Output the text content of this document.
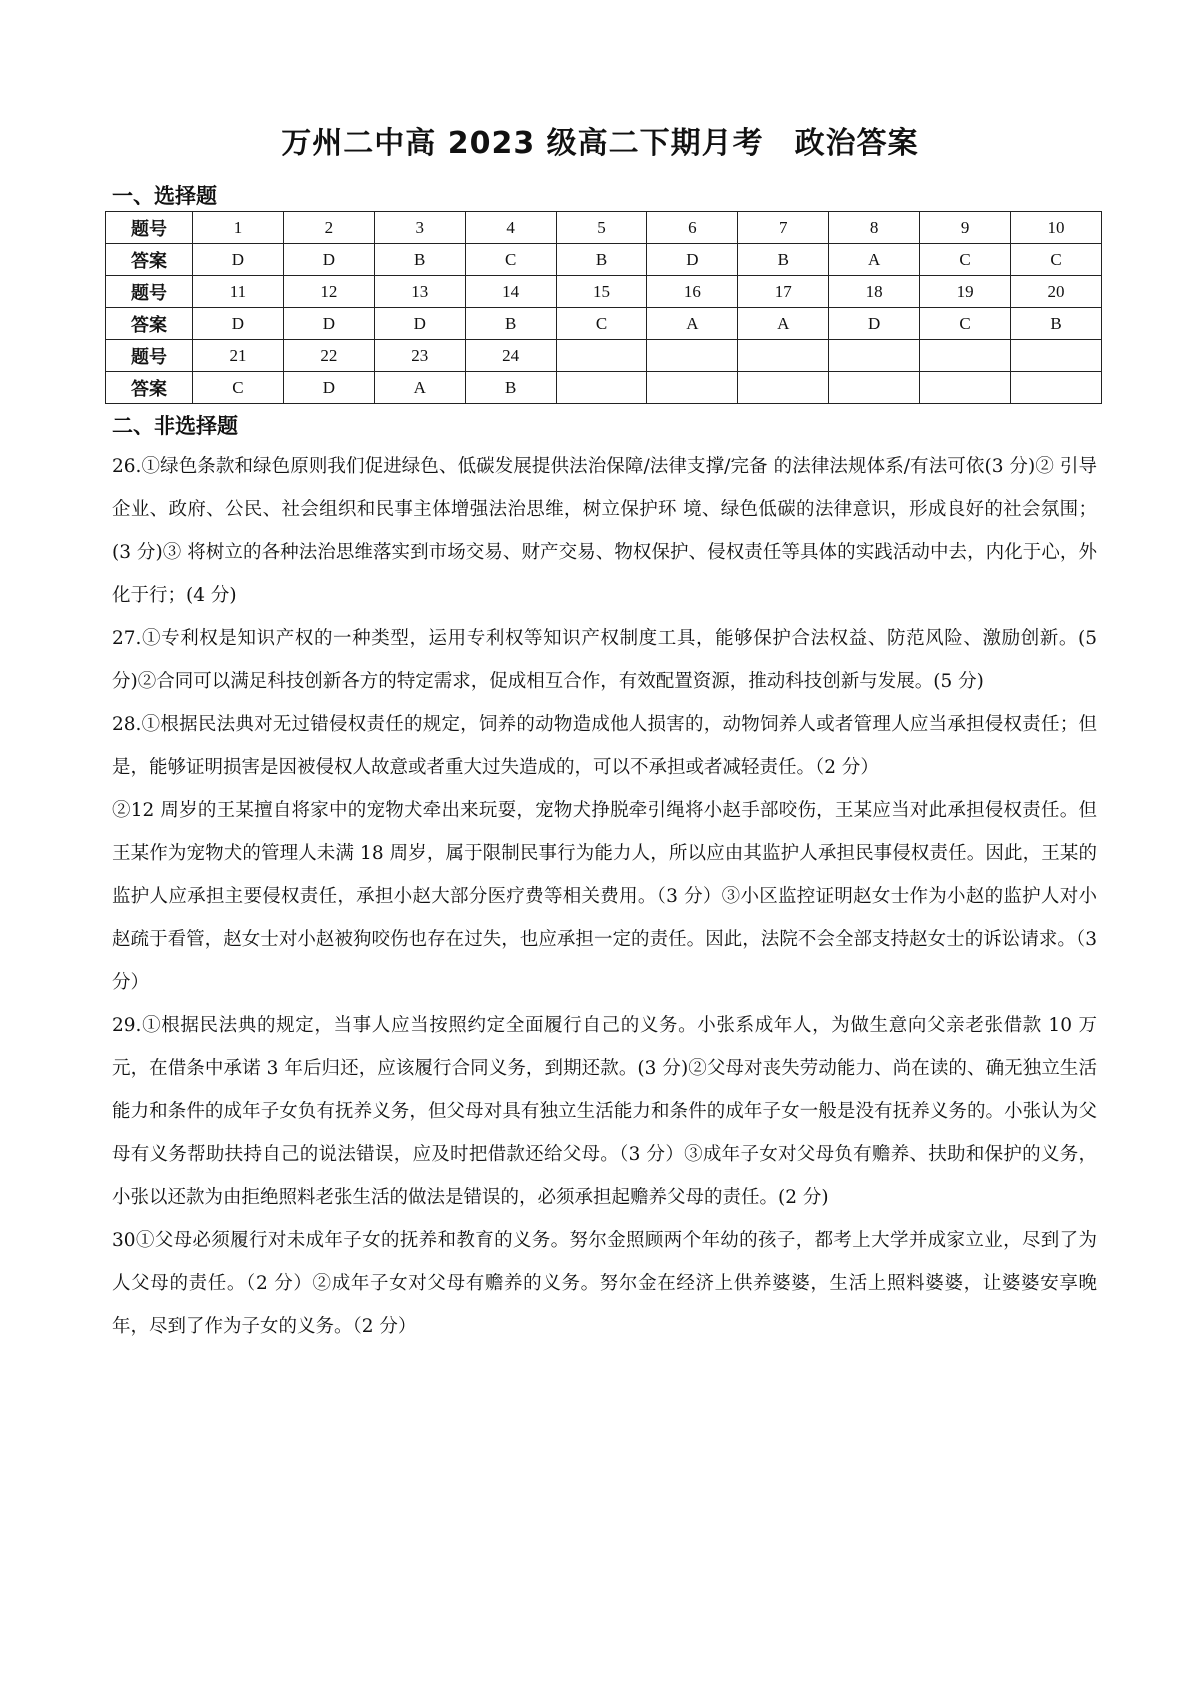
万州二中高 2023 级高二下期月考　政治答案
一、选择题
题号	1	2	3	4	5	6	7	8	9	10
答案	D	D	B	C	B	D	B	A	C	C
题号	11	12	13	14	15	16	17	18	19	20
答案	D	D	D	B	C	A	A	D	C	B
题号	21	22	23	24						
答案	C	D	A	B						
二、非选择题

26.①绿色条款和绿色原则我们促进绿色、低碳发展提供法治保障/法律支撑/完备 的法律法规体系/有法可依(3 分)② 引导企业、政府、公民、社会组织和民事主体增强法治思维，树立保护环 境、绿色低碳的法律意识，形成良好的社会氛围；(3 分)③ 将树立的各种法治思维落实到市场交易、财产交易、物权保护、侵权责任等具体的实践活动中去，内化于心，外化于行；(4 分)

27.①专利权是知识产权的一种类型，运用专利权等知识产权制度工具，能够保护合法权益、防范风险、激励创新。(5 分)②合同可以满足科技创新各方的特定需求，促成相互合作，有效配置资源，推动科技创新与发展。(5 分)

28.①根据民法典对无过错侵权责任的规定，饲养的动物造成他人损害的，动物饲养人或者管理人应当承担侵权责任；但是，能够证明损害是因被侵权人故意或者重大过失造成的，可以不承担或者减轻责任。（2 分）

②12 周岁的王某擅自将家中的宠物犬牵出来玩耍，宠物犬挣脱牵引绳将小赵手部咬伤，王某应当对此承担侵权责任。但王某作为宠物犬的管理人未满 18 周岁，属于限制民事行为能力人，所以应由其监护人承担民事侵权责任。因此，王某的监护人应承担主要侵权责任，承担小赵大部分医疗费等相关费用。（3 分）③小区监控证明赵女士作为小赵的监护人对小赵疏于看管，赵女士对小赵被狗咬伤也存在过失，也应承担一定的责任。因此，法院不会全部支持赵女士的诉讼请求。（3 分）

29.①根据民法典的规定，当事人应当按照约定全面履行自己的义务。小张系成年人，为做生意向父亲老张借款 10 万元，在借条中承诺 3 年后归还，应该履行合同义务，到期还款。(3 分)②父母对丧失劳动能力、尚在读的、确无独立生活能力和条件的成年子女负有抚养义务，但父母对具有独立生活能力和条件的成年子女一般是没有抚养义务的。小张认为父母有义务帮助扶持自己的说法错误，应及时把借款还给父母。（3 分）③成年子女对父母负有赡养、扶助和保护的义务，小张以还款为由拒绝照料老张生活的做法是错误的，必须承担起赡养父母的责任。(2 分)

30①父母必须履行对未成年子女的抚养和教育的义务。努尔金照顾两个年幼的孩子，都考上大学并成家立业，尽到了为人父母的责任。（2 分）②成年子女对父母有赡养的义务。努尔金在经济上供养婆婆，生活上照料婆婆，让婆婆安享晚年，尽到了作为子女的义务。（2 分）
